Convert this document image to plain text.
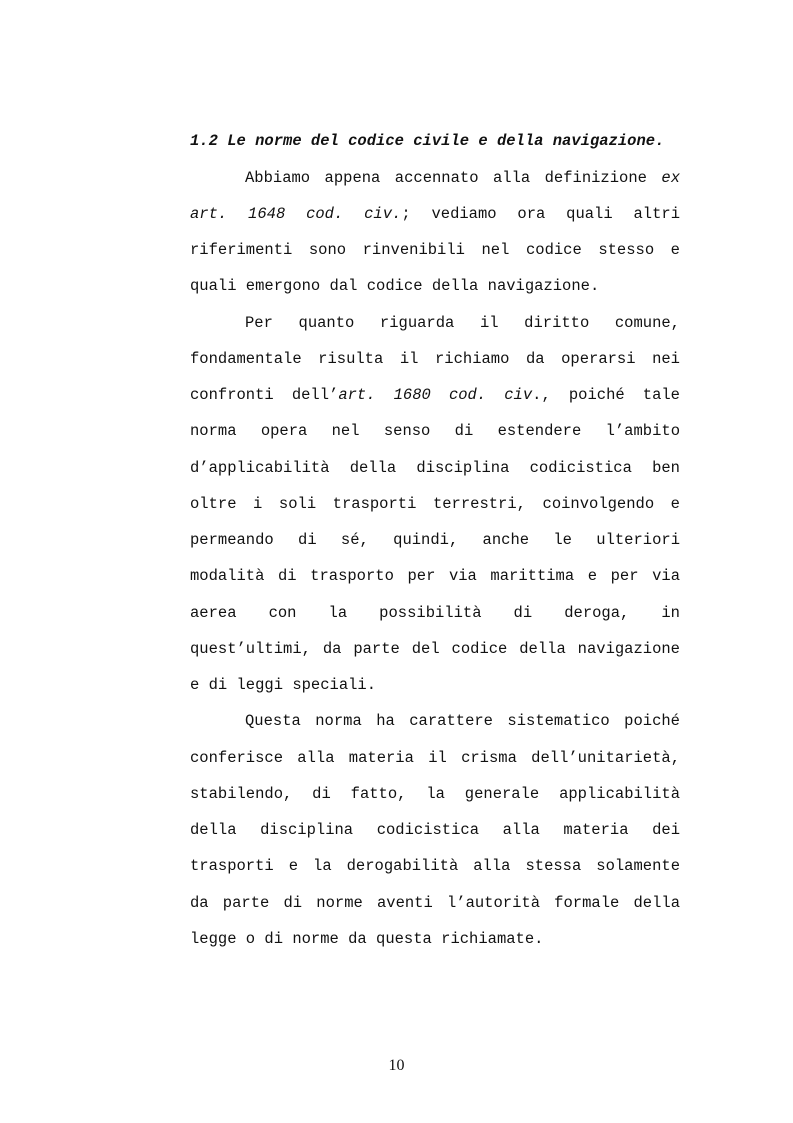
1.2 Le norme del codice civile e della navigazione.
Abbiamo appena accennato alla definizione ex
art. 1648 cod. civ.; vediamo ora quali altri
riferimenti sono rinvenibili nel codice stesso e
quali emergono dal codice della navigazione.
Per quanto riguarda il diritto comune,
fondamentale risulta il richiamo da operarsi nei
confronti dell’art. 1680 cod. civ., poiché tale
norma opera nel senso di estendere l’ambito
d’applicabilità della disciplina codicistica ben
oltre i soli trasporti terrestri, coinvolgendo e
permeando di sé, quindi, anche le ulteriori
modalità di trasporto per via marittima e per via
aerea con la possibilità di deroga, in
quest’ultimi, da parte del codice della navigazione
e di leggi speciali.
Questa norma ha carattere sistematico poiché
conferisce alla materia il crisma dell’unitarietà,
stabilendo, di fatto, la generale applicabilità
della disciplina codicistica alla materia dei
trasporti e la derogabilità alla stessa solamente
da parte di norme aventi l’autorità formale della
legge o di norme da questa richiamate.
10
